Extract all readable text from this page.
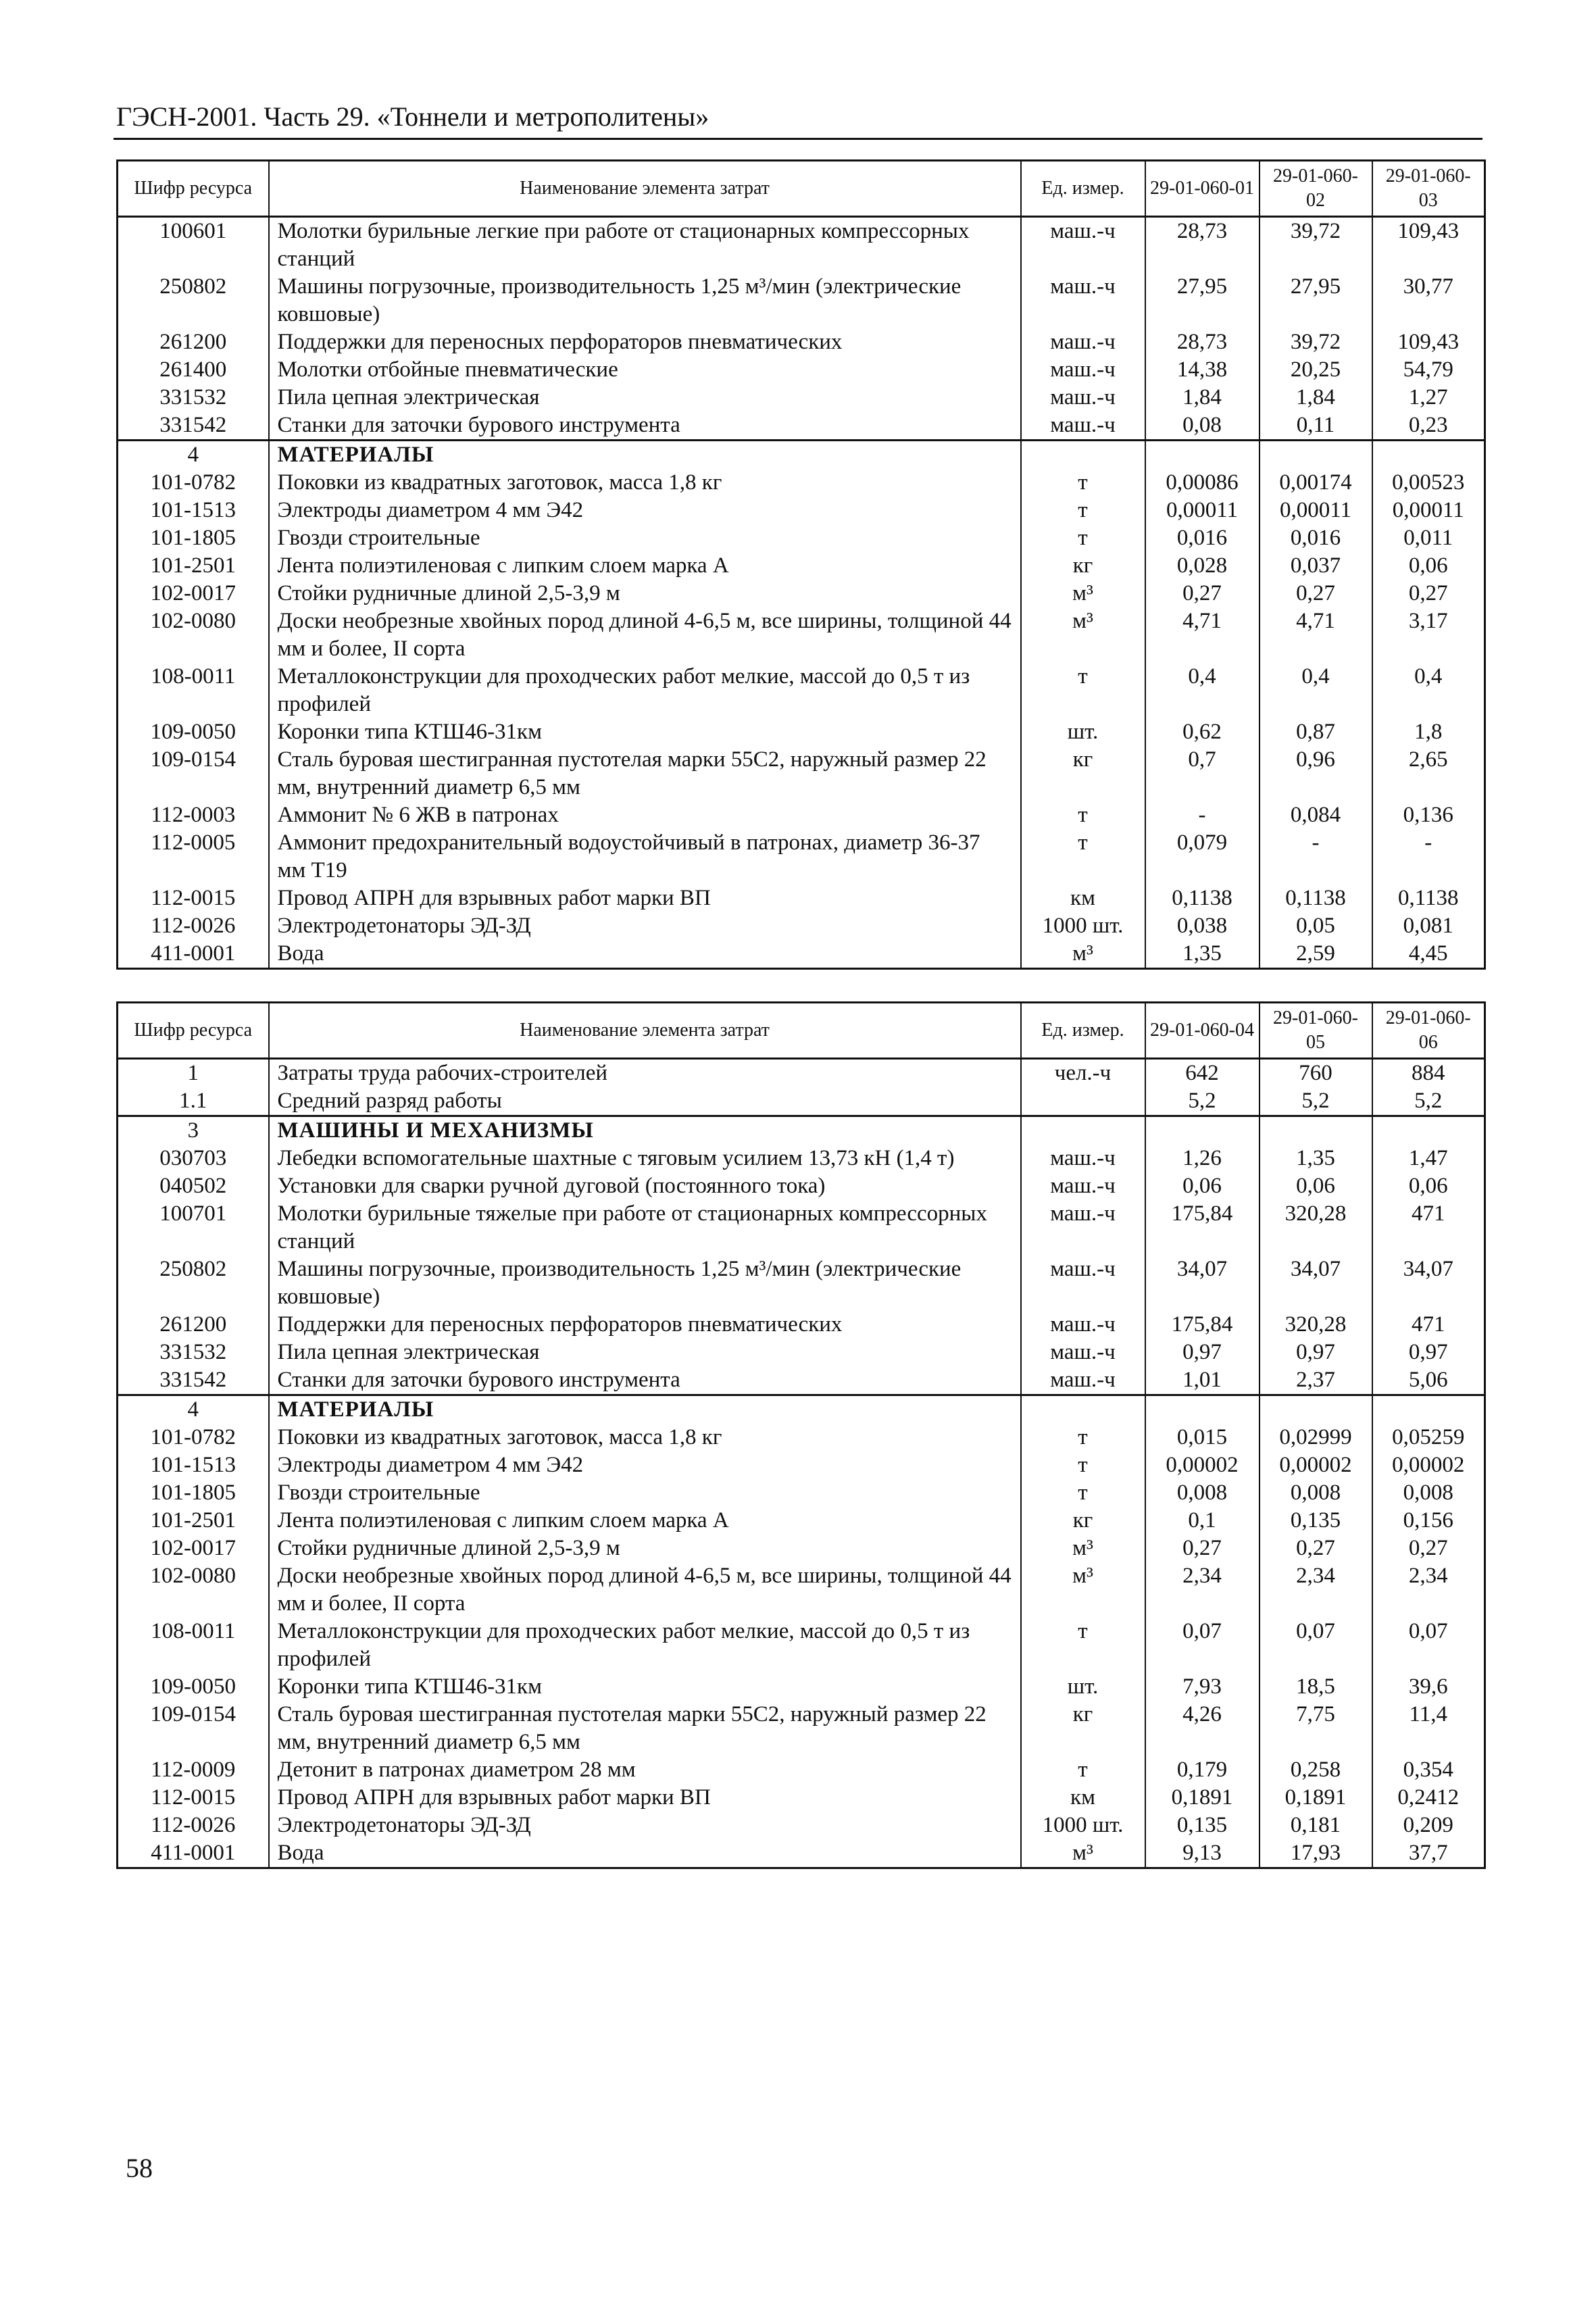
ГЭСН-2001. Часть 29. «Тоннели и метрополитены»
Шифр ресурса	Наименование элемента затрат	Ед. измер.	29-01-060-01	29-01-060-02	29-01-060-03
100601	Молотки бурильные легкие при работе от стационарных компрессорных станций	маш.-ч	28,73	39,72	109,43
250802	Машины погрузочные, производительность 1,25 м³/мин (электрические ковшовые)	маш.-ч	27,95	27,95	30,77
261200	Поддержки для переносных перфораторов пневматических	маш.-ч	28,73	39,72	109,43
261400	Молотки отбойные пневматические	маш.-ч	14,38	20,25	54,79
331532	Пила цепная электрическая	маш.-ч	1,84	1,84	1,27
331542	Станки для заточки бурового инструмента	маш.-ч	0,08	0,11	0,23
4	МАТЕРИАЛЫ				
101-0782	Поковки из квадратных заготовок, масса 1,8 кг	т	0,00086	0,00174	0,00523
101-1513	Электроды диаметром 4 мм Э42	т	0,00011	0,00011	0,00011
101-1805	Гвозди строительные	т	0,016	0,016	0,011
101-2501	Лента полиэтиленовая с липким слоем марка А	кг	0,028	0,037	0,06
102-0017	Стойки рудничные длиной 2,5-3,9 м	м³	0,27	0,27	0,27
102-0080	Доски необрезные хвойных пород длиной 4-6,5 м, все ширины, толщиной 44 мм и более, II сорта	м³	4,71	4,71	3,17
108-0011	Металлоконструкции для проходческих работ мелкие, массой до 0,5 т из профилей	т	0,4	0,4	0,4
109-0050	Коронки типа КТШ46-31км	шт.	0,62	0,87	1,8
109-0154	Сталь буровая шестигранная пустотелая марки 55С2, наружный размер 22 мм, внутренний диаметр 6,5 мм	кг	0,7	0,96	2,65
112-0003	Аммонит № 6 ЖВ в патронах	т	-	0,084	0,136
112-0005	Аммонит предохранительный водоустойчивый в патронах, диаметр 36-37 мм Т19	т	0,079	-	-
112-0015	Провод АПРН для взрывных работ марки ВП	км	0,1138	0,1138	0,1138
112-0026	Электродетонаторы ЭД-ЗД	1000 шт.	0,038	0,05	0,081
411-0001	Вода	м³	1,35	2,59	4,45
Шифр ресурса	Наименование элемента затрат	Ед. измер.	29-01-060-04	29-01-060-05	29-01-060-06
1	Затраты труда рабочих-строителей	чел.-ч	642	760	884
1.1	Средний разряд работы		5,2	5,2	5,2
3	МАШИНЫ И МЕХАНИЗМЫ				
030703	Лебедки вспомогательные шахтные с тяговым усилием 13,73 кН (1,4 т)	маш.-ч	1,26	1,35	1,47
040502	Установки для сварки ручной дуговой (постоянного тока)	маш.-ч	0,06	0,06	0,06
100701	Молотки бурильные тяжелые при работе от стационарных компрессорных станций	маш.-ч	175,84	320,28	471
250802	Машины погрузочные, производительность 1,25 м³/мин (электрические ковшовые)	маш.-ч	34,07	34,07	34,07
261200	Поддержки для переносных перфораторов пневматических	маш.-ч	175,84	320,28	471
331532	Пила цепная электрическая	маш.-ч	0,97	0,97	0,97
331542	Станки для заточки бурового инструмента	маш.-ч	1,01	2,37	5,06
4	МАТЕРИАЛЫ				
101-0782	Поковки из квадратных заготовок, масса 1,8 кг	т	0,015	0,02999	0,05259
101-1513	Электроды диаметром 4 мм Э42	т	0,00002	0,00002	0,00002
101-1805	Гвозди строительные	т	0,008	0,008	0,008
101-2501	Лента полиэтиленовая с липким слоем марка А	кг	0,1	0,135	0,156
102-0017	Стойки рудничные длиной 2,5-3,9 м	м³	0,27	0,27	0,27
102-0080	Доски необрезные хвойных пород длиной 4-6,5 м, все ширины, толщиной 44 мм и более, II сорта	м³	2,34	2,34	2,34
108-0011	Металлоконструкции для проходческих работ мелкие, массой до 0,5 т из профилей	т	0,07	0,07	0,07
109-0050	Коронки типа КТШ46-31км	шт.	7,93	18,5	39,6
109-0154	Сталь буровая шестигранная пустотелая марки 55С2, наружный размер 22 мм, внутренний диаметр 6,5 мм	кг	4,26	7,75	11,4
112-0009	Детонит в патронах диаметром 28 мм	т	0,179	0,258	0,354
112-0015	Провод АПРН для взрывных работ марки ВП	км	0,1891	0,1891	0,2412
112-0026	Электродетонаторы ЭД-ЗД	1000 шт.	0,135	0,181	0,209
411-0001	Вода	м³	9,13	17,93	37,7
58
